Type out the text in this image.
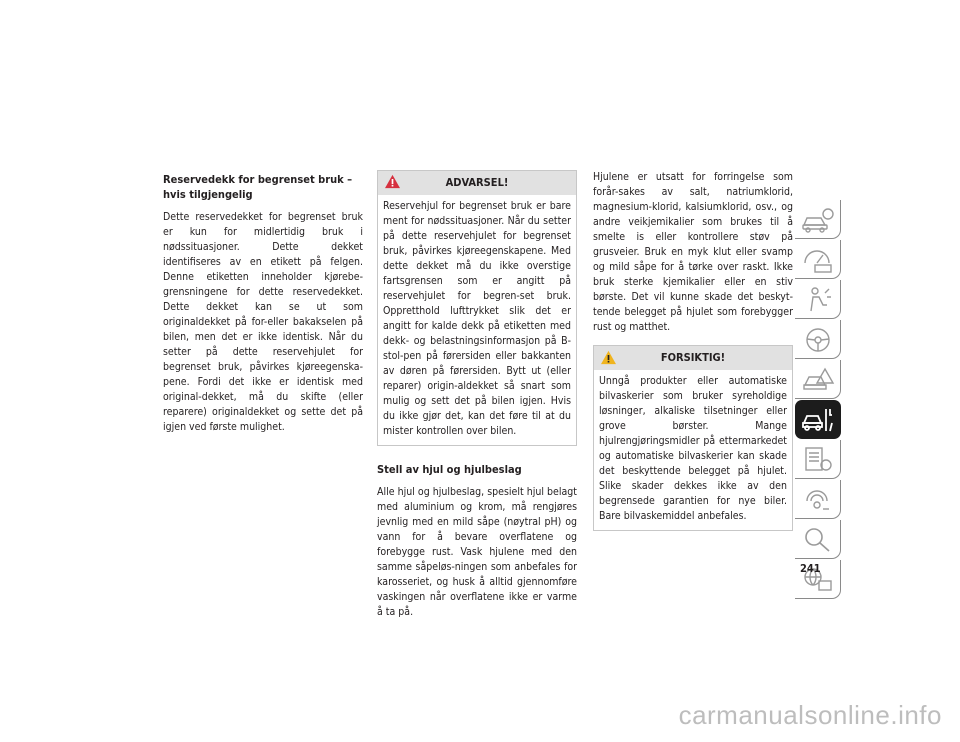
Reservedekk for begrenset bruk – hvis tilgjengelig

Dette reservedekket for begrenset bruk er kun for midlertidig bruk i nødssituasjoner. Dette dekket identifiseres av en etikett på felgen. Denne etiketten inneholder kjørebe-grensningene for dette reservedekket. Dette dekket kan se ut som originaldekket på for-eller bakakselen på bilen, men det er ikke identisk. Når du setter på dette reservehjulet for begrenset bruk, påvirkes kjøreegenska-pene. Fordi det ikke er identisk med original-dekket, må du skifte (eller reparere) originaldekket og sette det på igjen ved første mulighet.

ADVARSEL!

Reservehjul for begrenset bruk er bare ment for nødssituasjoner. Når du setter på dette reservehjulet for begrenset bruk, påvirkes kjøreegenskapene. Med dette dekket må du ikke overstige fartsgrensen som er angitt på reservehjulet for begren-set bruk. Oppretthold lufttrykket slik det er angitt for kalde dekk på etiketten med dekk- og belastningsinformasjon på B-stol-pen på førersiden eller bakkanten av døren på førersiden. Bytt ut (eller reparer) origin-aldekket så snart som mulig og sett det på bilen igjen. Hvis du ikke gjør det, kan det føre til at du mister kontrollen over bilen.

Stell av hjul og hjulbeslag

Alle hjul og hjulbeslag, spesielt hjul belagt med aluminium og krom, må rengjøres jevnlig med en mild såpe (nøytral pH) og vann for å bevare overflatene og forebygge rust. Vask hjulene med den samme såpeløs-ningen som anbefales for karosseriet, og husk å alltid gjennomføre vaskingen når overflatene ikke er varme å ta på.

Hjulene er utsatt for forringelse som forår-sakes av salt, natriumklorid, magnesium-klorid, kalsiumklorid, osv., og andre veikjemikalier som brukes til å smelte is eller kontrollere støv på grusveier. Bruk en myk klut eller svamp og mild såpe for å tørke over raskt. Ikke bruk sterke kjemikalier eller en stiv børste. Det vil kunne skade det beskyt-tende belegget på hjulet som forebygger rust og matthet.

FORSIKTIG!

Unngå produkter eller automatiske bilvaskerier som bruker syreholdige løsninger, alkaliske tilsetninger eller grove børster. Mange hjulrengjøringsmidler på ettermarkedet og automatiske bilvaskerier kan skade det beskyttende belegget på hjulet. Slike skader dekkes ikke av den begrensede garantien for nye biler. Bare bilvaskemiddel anbefales.

241
carmanualsonline.info
